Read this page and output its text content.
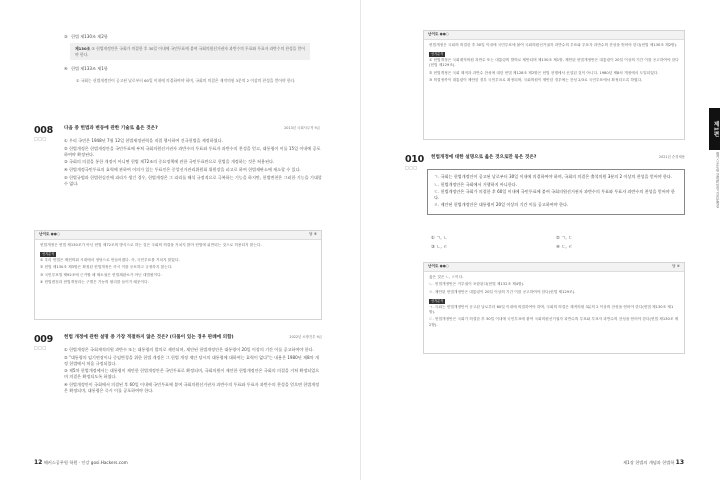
③ 헌법 제130조 제2항
제130조 ② 헌법개정안은 국회가 의결한 후 30일 이내에 국민투표에 붙여 국회의원선거권자 과반수의 투표와 투표자 과반수의 찬성을 얻어야 한다.
④ 헌법 제133조 제1항
① 국회는 헌법개정안이 공고된 날로부터 60일 이내에 의결하여야 하며, 국회의 의결은 재적의원 3분의 2 이상의 찬성을 얻어야 한다.
008
□□□
다음 중 헌법과 변동에 관한 기술로 옳은 것은?	2013년 국회사무직 9급
① 우리 국민은 1948년 7월 12일 헌법제정권력을 직접 행사하여 건국헌법을 제정하였다.
② 헌법개정은 헌법개정안을 국민투표에 부쳐 국회의원선거권자 과반수의 투표와 투표자 과반수의 찬성을 얻고, 대통령이 이를 15일 이내에 공포하여야 확정된다.
③ 국회의 의결을 통한 개정이 아니면 헌법 제72조의 중요정책에 관한 국민투표만으로 헌법을 개정하는 것은 허용된다.
④ 헌법개정국민투표의 효력에 관하여 이의가 있는 투표인은 중앙선거관리위원회 위원장을 피고로 하여 헌법재판소에 제소할 수 있다.
⑤ 헌법규범과 헌법현실간에 괴리가 생긴 경우, 헌법개정은 그 괴리를 해석 규정적으로 극복하는 기능을 하지만, 헌법변천은 그러한 기능을 기대할 수 없다.
난이도 ●●○	답 ⑤

헌법개정은 헌법 제130조가 아닌 헌법 제72조의 방식으로 하는 것은 국회의 의결을 거치지 않아 헌법에 위반되는 것으로 허용되지 않는다.

선지분석

① 우리 헌법은 제헌의회 시대에서 정당으로 만들어졌다. 즉, 국민투표를 거치지 않았다.

② 헌법 제130조 제3항은 확정된 헌법개정은 즉시 이를 공포하고 규정하지 않는다.

③ 국민투표법 제92조에 근거할 때 제소권은 헌법재판소가 아닌 대법원이다.

④ 헌법변천과 헌법개정과는 구별은 기능의 원리를 들이기 때문이다.

009
□□□
헌법 개정에 관한 설명 중 가장 적절하지 않은 것은? (다툼이 있는 경우 판례에 의함)	2022년 소방간부 9급
① 헌법개정은 국회재적의원 과반수 또는 대통령의 발의로 제안되며, 제안된 헌법개정안은 대통령이 20일 이상의 기간 이를 공고하여야 한다.
② "대통령의 임기연장이나 중임변경을 위한 헌법 개정은 그 헌법 개정 제안 당시의 대통령에 대하여는 효력이 없다"는 내용은 1980년 제8차 개정 헌법에서 처음 규정되었다.
③ 제5차 헌법개정에서는 대통령이 제안한 헌법개정안은 국민투표로 확정되며, 국회의원이 제안한 헌법개정안은 국회의 의결을 거쳐 확정되었으며 의결은 확정되도록 하였다.
④ 헌법개정안이 국회에서 의결된 후 60일 이내에 국민투표에 붙여 국회의원선거권자 과반수의 투표와 투표자 과반수의 찬성을 얻으면 헌법개정은 확정되며, 대통령은 즉시 이를 공포하여야 한다.
12 해커스공무원 학원 · 인강 gosi.Hackers.com
난이도 ●●○

헌법개정은 국회의 의결한 후 30일 이내에 국민투표에 붙여 국회의원선거권자 과반수의 투표와 투표자 과반수의 찬성을 얻어야 한다(헌법 제130조 제2항).

선지분석

① 헌법개정은 국회재적의원 과반수 또는 대통령의 발의로 제안되며 제130조 제1항, 제안된 헌법개정안은 대통령이 20일 이상의 기간 이를 공고하여야 한다(헌법 제129조).

② 헌법개정은 국회 재적과 과반수 찬성에 대한 헌법 제128조 제2항은 헌법 현행에서 신설된 것이 아니다. 1980년 제8차 개정에서 도입되었다.

③ 의결정족이 대통령이 제안한 경우 국민투표로 확정되며, 국회의원이 제안한 경우에는 찬성 2/3로 국민투표에서 확정되도록 하였다.

010
□□□
헌법개정에 대한 설명으로 옳은 것으로만 묶은 것은?	2021년 순경채용
ㄱ. 국회는 헌법개정안이 공고된 날로부터 30일 이내에 의결하여야 하며, 국회의 의결은 출석의원 3분의 2 이상의 찬성을 얻어야 한다.
ㄴ. 헌법개정안은 국회에서 거행하지 아니한다.
ㄷ. 헌법개정안은 국회가 의결한 후 60일 이내에 국민투표에 붙여 국회의원선거권자 과반수의 투표와 투표자 과반수의 찬성을 얻어야 한다.
ㄹ. 제안된 헌법개정안은 대통령이 20일 이상의 기간 이를 공고하여야 한다.
① ㄱ, ㄴ	② ㄱ, ㄷ
③ ㄴ, ㄹ	④ ㄷ, ㄹ
난이도 ●●○	답 ④

옳은 것은 ㄴ, ㄹ이다.

ㄴ. 헌법개정안은 거부권이 포함된다(헌법 제132조 제4항).

ㄹ. 제안된 헌법개정안은 대통령이 20일 이상의 기간 이를 공고하여야 한다(헌법 제129조).

선지분석

ㄱ. 국회는 헌법개정안이 공고된 날로부터 60일 이내에 의결하여야 하며, 국회의 의결은 재적의원 3분의 2 이상의 찬성을 얻어야 한다(헌법 제130조 제1항).

ㄷ. 헌법개정안은 국회가 의결한 후 30일 이내에 국민투표에 붙여 국회의원선거권자 과반수의 투표와 투표자 과반수의 찬성을 얻어야 한다(헌법 제130조 제2항).

제1편
해커스공무원 갓대환 헌법 기출문제집
제1장 헌법의 개념과 헌법학 13
